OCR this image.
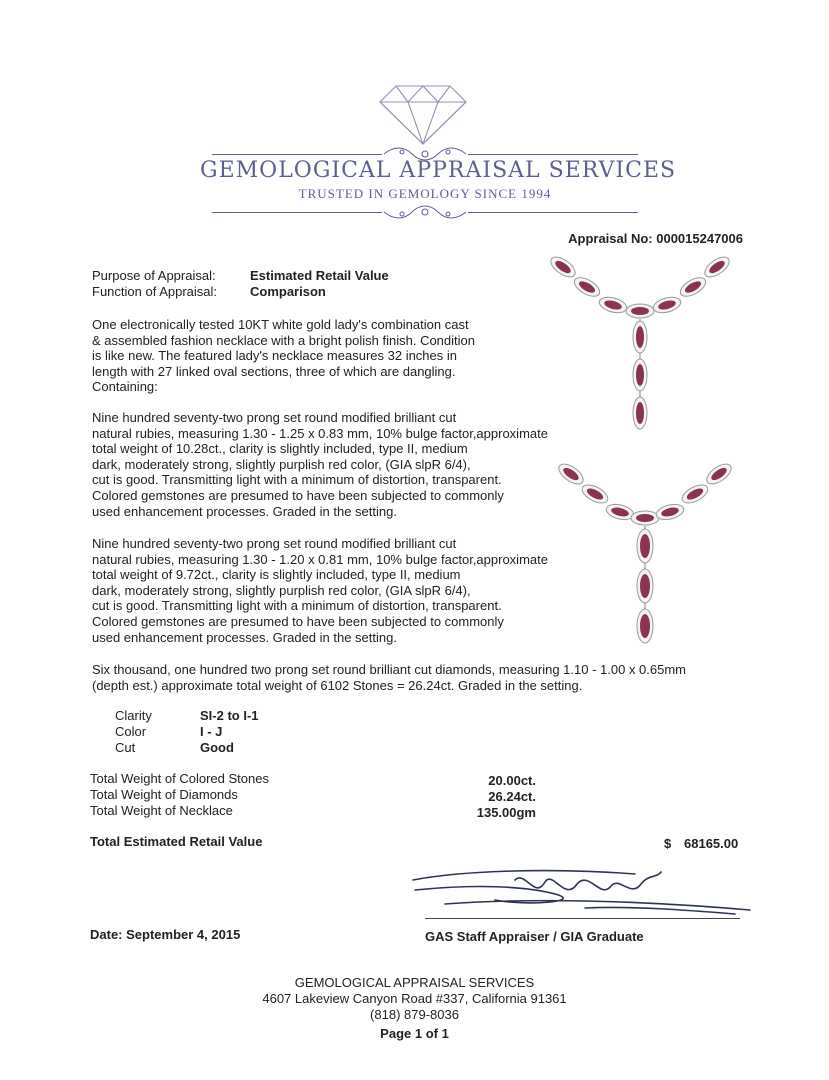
GEMOLOGICAL APPRAISAL SERVICES
TRUSTED IN GEMOLOGY SINCE 1994
Appraisal No: 000015247006
Purpose of Appraisal:	Estimated Retail Value
Function of Appraisal:	Comparison
One electronically tested 10KT white gold lady's combination cast
& assembled fashion necklace with a bright polish finish. Condition
is like new. The featured lady's necklace measures 32 inches in
length with 27 linked oval sections, three of which are dangling.
Containing:
Nine hundred seventy-two prong set round modified brilliant cut
natural rubies, measuring 1.30 - 1.25 x 0.83 mm, 10% bulge factor,approximate
total weight of 10.28ct., clarity is slightly included, type II, medium
dark, moderately strong, slightly purplish red color, (GIA slpR 6/4),
cut is good. Transmitting light with a minimum of distortion, transparent.
Colored gemstones are presumed to have been subjected to commonly
used enhancement processes. Graded in the setting.
Nine hundred seventy-two prong set round modified brilliant cut
natural rubies, measuring 1.30 - 1.20 x 0.81 mm, 10% bulge factor,approximate
total weight of 9.72ct., clarity is slightly included, type II, medium
dark, moderately strong, slightly purplish red color, (GIA slpR 6/4),
cut is good. Transmitting light with a minimum of distortion, transparent.
Colored gemstones are presumed to have been subjected to commonly
used enhancement processes. Graded in the setting.
Six thousand, one hundred two prong set round brilliant cut diamonds, measuring 1.10 - 1.00 x 0.65mm
(depth est.) approximate total weight of 6102 Stones = 26.24ct. Graded in the setting.
Clarity	SI-2 to I-1
Color	I - J
Cut	Good
Total Weight of Colored Stones	20.00ct.
Total Weight of Diamonds	26.24ct.
Total Weight of Necklace	135.00gm
Total Estimated Retail Value	$ 68165.00
Date: September 4, 2015	GAS Staff Appraiser / GIA Graduate
GEMOLOGICAL APPRAISAL SERVICES
4607 Lakeview Canyon Road #337, California 91361
(818) 879-8036
Page 1 of 1
